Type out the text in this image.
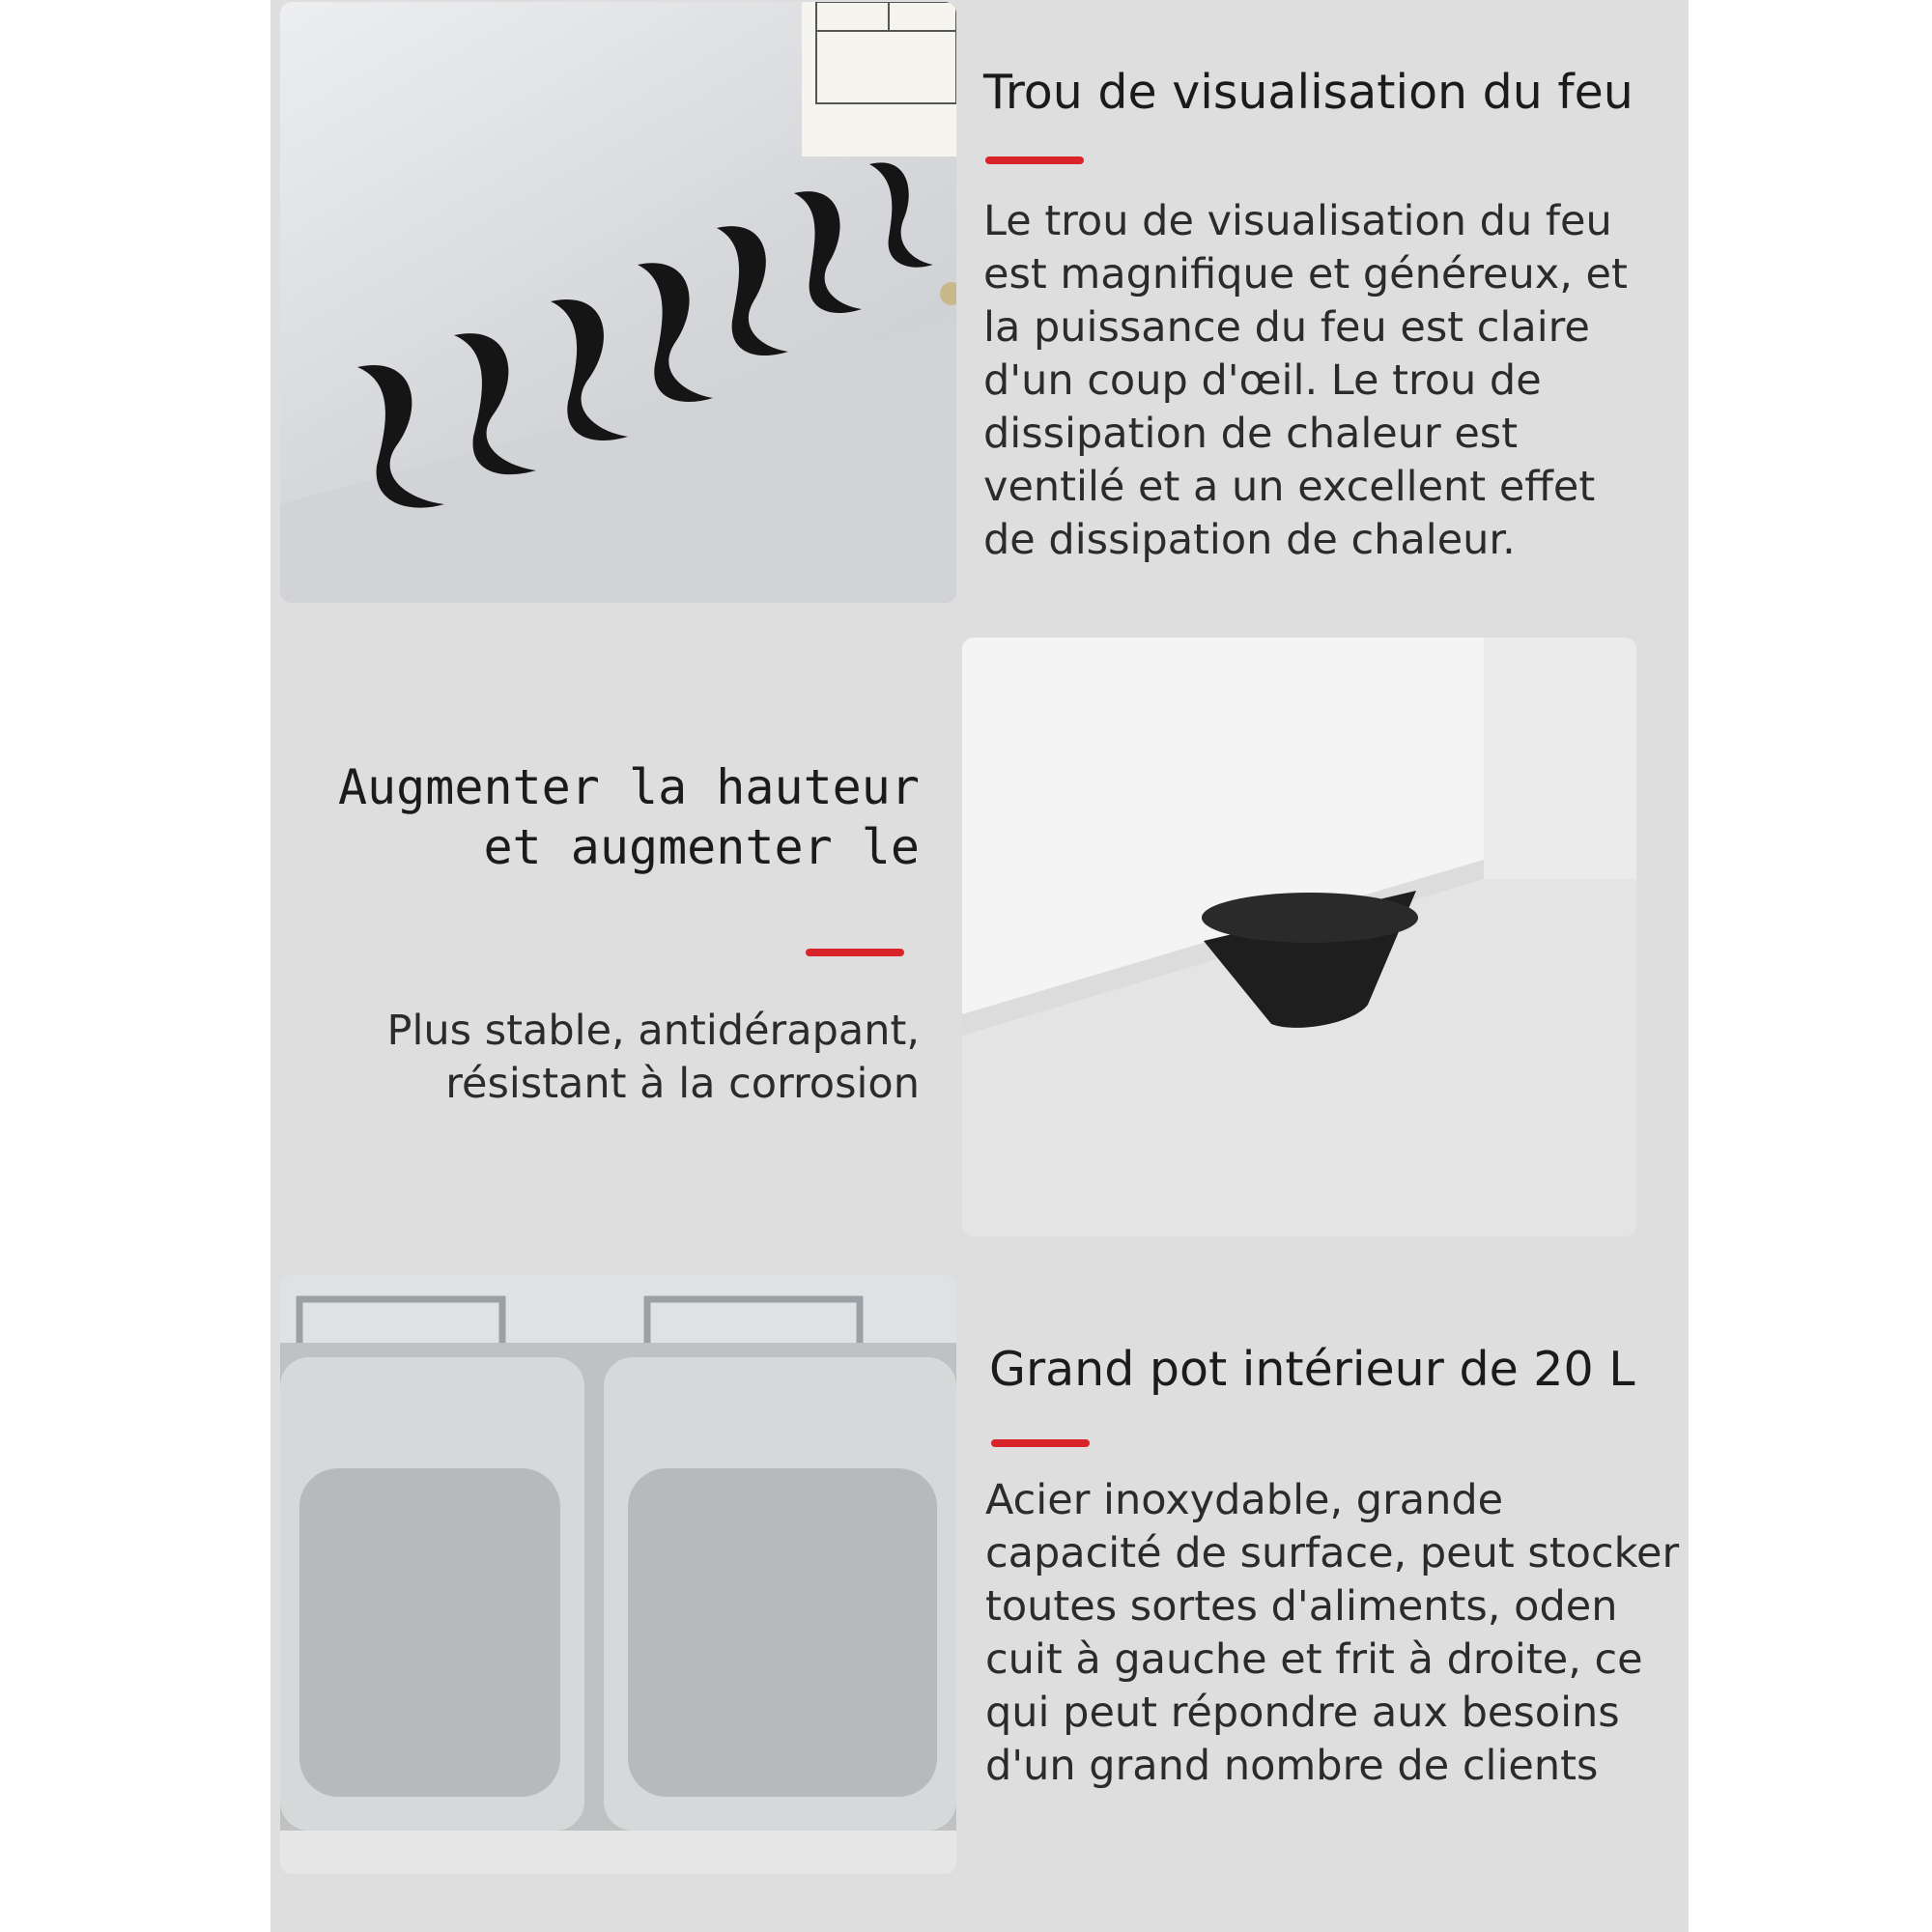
Trou de visualisation du feu
Le trou de visualisation du feu
est magnifique et généreux, et
la puissance du feu est claire
d'un coup d'œil. Le trou de
dissipation de chaleur est
ventilé et a un excellent effet
de dissipation de chaleur.
Augmenter la hauteur
et augmenter le
Plus stable, antidérapant,
résistant à la corrosion
Grand pot intérieur de 20 L
Acier inoxydable, grande
capacité de surface, peut stocker
toutes sortes d'aliments, oden
cuit à gauche et frit à droite, ce
qui peut répondre aux besoins
d'un grand nombre de clients
